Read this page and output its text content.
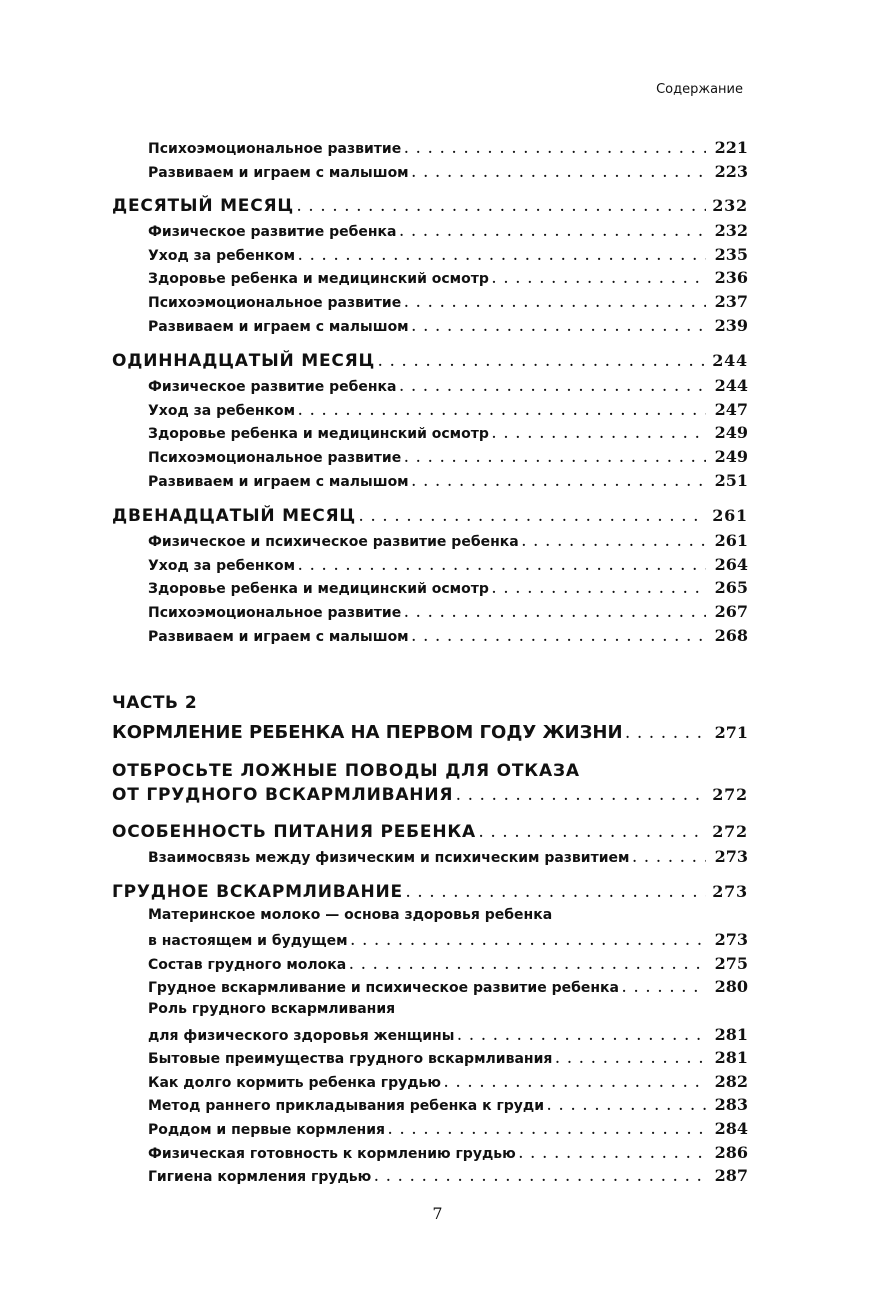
Содержание
Психоэмоциональное развитие . . .	221
Развиваем и играем с малышом . . .	223
ДЕСЯТЫЙ МЕСЯЦ . . .	232
Физическое развитие ребенка . . .	232
Уход за ребенком . . .	235
Здоровье ребенка и медицинский осмотр . . .	236
Психоэмоциональное развитие . . .	237
Развиваем и играем с малышом . . .	239
ОДИННАДЦАТЫЙ МЕСЯЦ . . .	244
Физическое развитие ребенка . . .	244
Уход за ребенком . . .	247
Здоровье ребенка и медицинский осмотр . . .	249
Психоэмоциональное развитие . . .	249
Развиваем и играем с малышом . . .	251
ДВЕНАДЦАТЫЙ МЕСЯЦ . . .	261
Физическое и психическое развитие ребенка . . .	261
Уход за ребенком . . .	264
Здоровье ребенка и медицинский осмотр . . .	265
Психоэмоциональное развитие . . .	267
Развиваем и играем с малышом . . .	268
ЧАСТЬ 2
КОРМЛЕНИЕ РЕБЕНКА НА ПЕРВОМ ГОДУ ЖИЗНИ . . .	271
ОТБРОСЬТЕ ЛОЖНЫЕ ПОВОДЫ ДЛЯ ОТКАЗА
ОТ ГРУДНОГО ВСКАРМЛИВАНИЯ . . .	272
ОСОБЕННОСТЬ ПИТАНИЯ РЕБЕНКА . . .	272
Взаимосвязь между физическим и психическим развитием . . .	273
ГРУДНОЕ ВСКАРМЛИВАНИЕ . . .	273
Материнское молоко — основа здоровья ребенка
в настоящем и будущем . . .	273
Состав грудного молока . . .	275
Грудное вскармливание и психическое развитие ребенка . . .	280
Роль грудного вскармливания
для физического здоровья женщины . . .	281
Бытовые преимущества грудного вскармливания . . .	281
Как долго кормить ребенка грудью . . .	282
Метод раннего прикладывания ребенка к груди . . .	283
Роддом и первые кормления . . .	284
Физическая готовность к кормлению грудью . . .	286
Гигиена кормления грудью . . .	287
7
